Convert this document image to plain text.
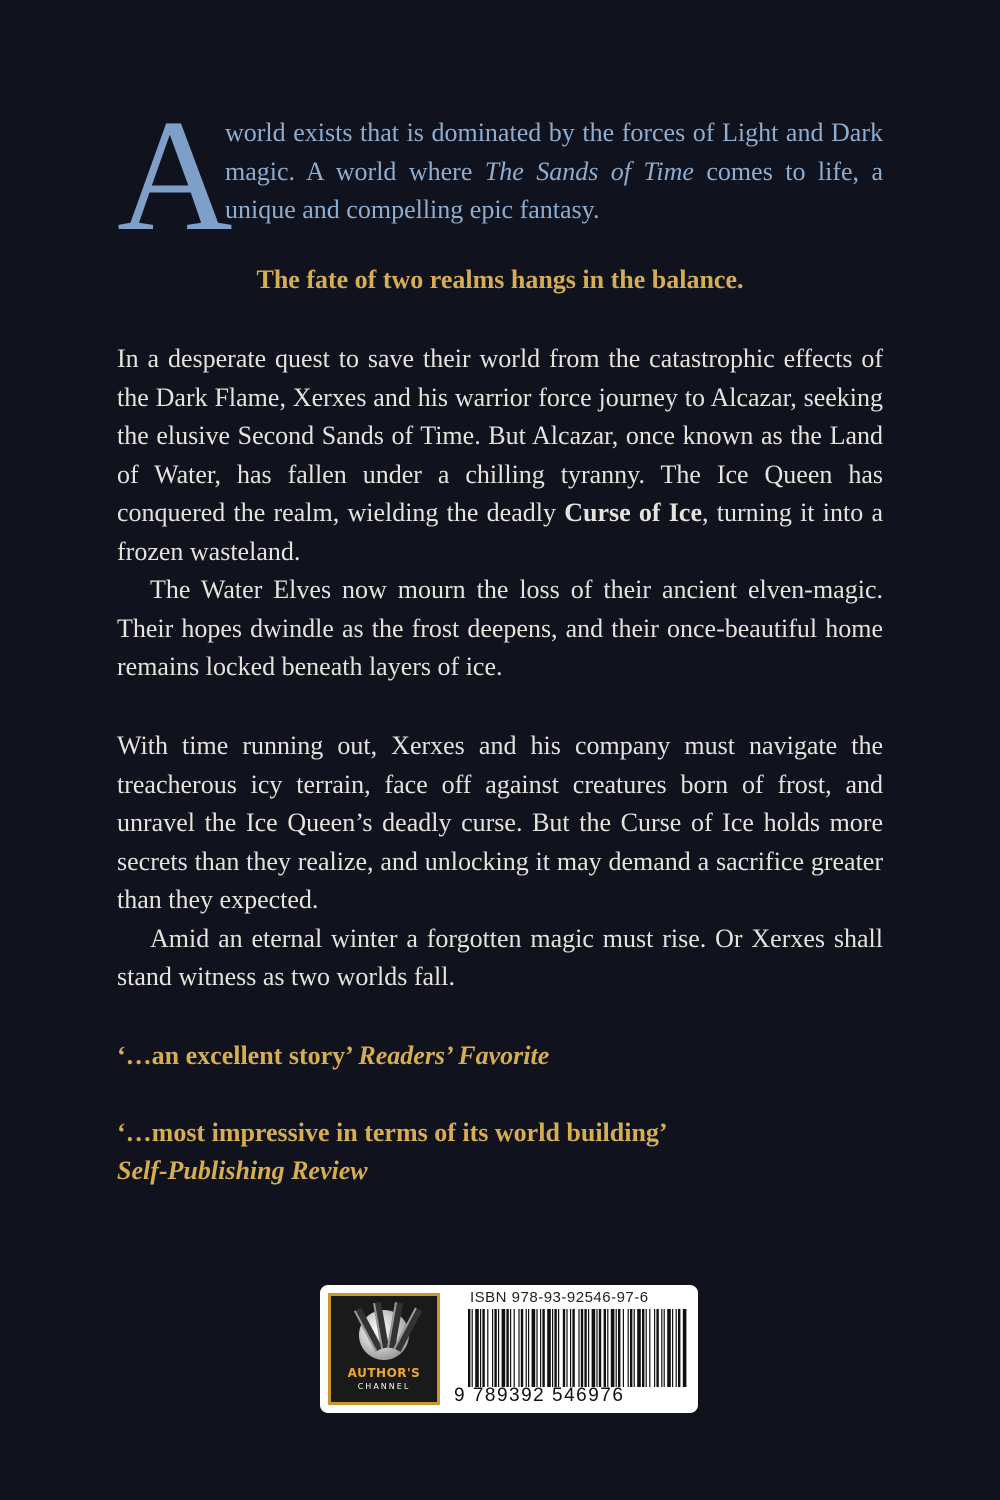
A
world exists that is dominated by the forces of Light and Dark magic. A world where The Sands of Time comes to life, a unique and compelling epic fantasy.
The fate of two realms hangs in the balance.

In a desperate quest to save their world from the catastrophic effects of the Dark Flame, Xerxes and his warrior force journey to Alcazar, seeking the elusive Second Sands of Time. But Alcazar, once known as the Land of Water, has fallen under a chilling tyranny. The Ice Queen has conquered the realm, wielding the deadly Curse of Ice, turning it into a frozen wasteland.

The Water Elves now mourn the loss of their ancient elven-magic. Their hopes dwindle as the frost deepens, and their once-beautiful home remains locked beneath layers of ice.

With time running out, Xerxes and his company must navigate the treacherous icy terrain, face off against creatures born of frost, and unravel the Ice Queen’s deadly curse. But the Curse of Ice holds more secrets than they realize, and unlocking it may demand a sacrifice greater than they expected.

Amid an eternal winter a forgotten magic must rise. Or Xerxes shall stand witness as two worlds fall.

‘…an excellent story’ Readers’ Favorite
‘…most impressive in terms of its world building’
Self-Publishing Review
AUTHOR'S
CHANNEL
ISBN 978-93-92546-97-6
9 789392 546976
